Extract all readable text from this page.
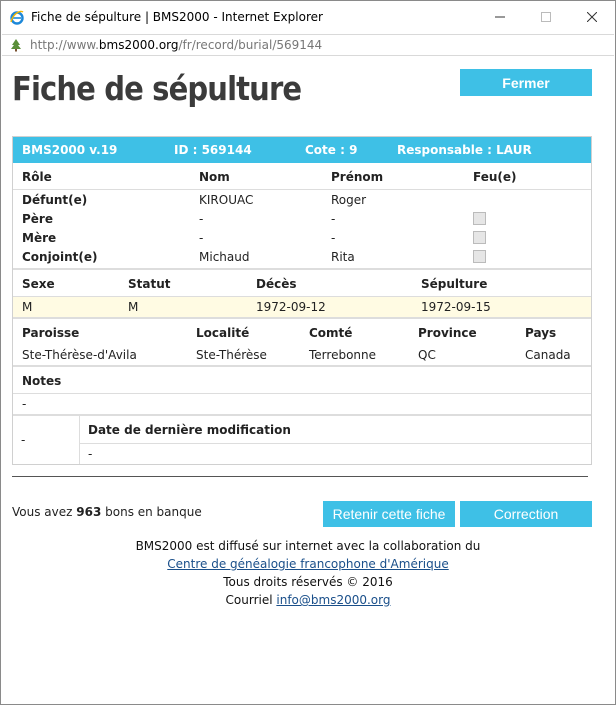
Fiche de sépulture | BMS2000 - Internet Explorer
http://www.bms2000.org/fr/record/burial/569144
Fiche de sépulture	Fermer
BMS2000 v.19	ID : 569144	Cote : 9	Responsable : LAUR
Rôle	Nom	Prénom	Feu(e)
Défunt(e)	KIROUAC	Roger
Père	-	-
Mère	-	-
Conjoint(e)	Michaud	Rita
Sexe	Statut	Décès	Sépulture
M	M	1972-09-12	1972-09-15
Paroisse	Localité	Comté	Province	Pays
Ste-Thérèse-d'Avila	Ste-Thérèse	Terrebonne	QC	Canada
Notes
-
-
Date de dernière modification
-
Vous avez 963 bons en banque	Retenir cette fiche	Correction
BMS2000 est diffusé sur internet avec la collaboration du
Centre de généalogie francophone d'Amérique
Tous droits réservés © 2016
Courriel info@bms2000.org
